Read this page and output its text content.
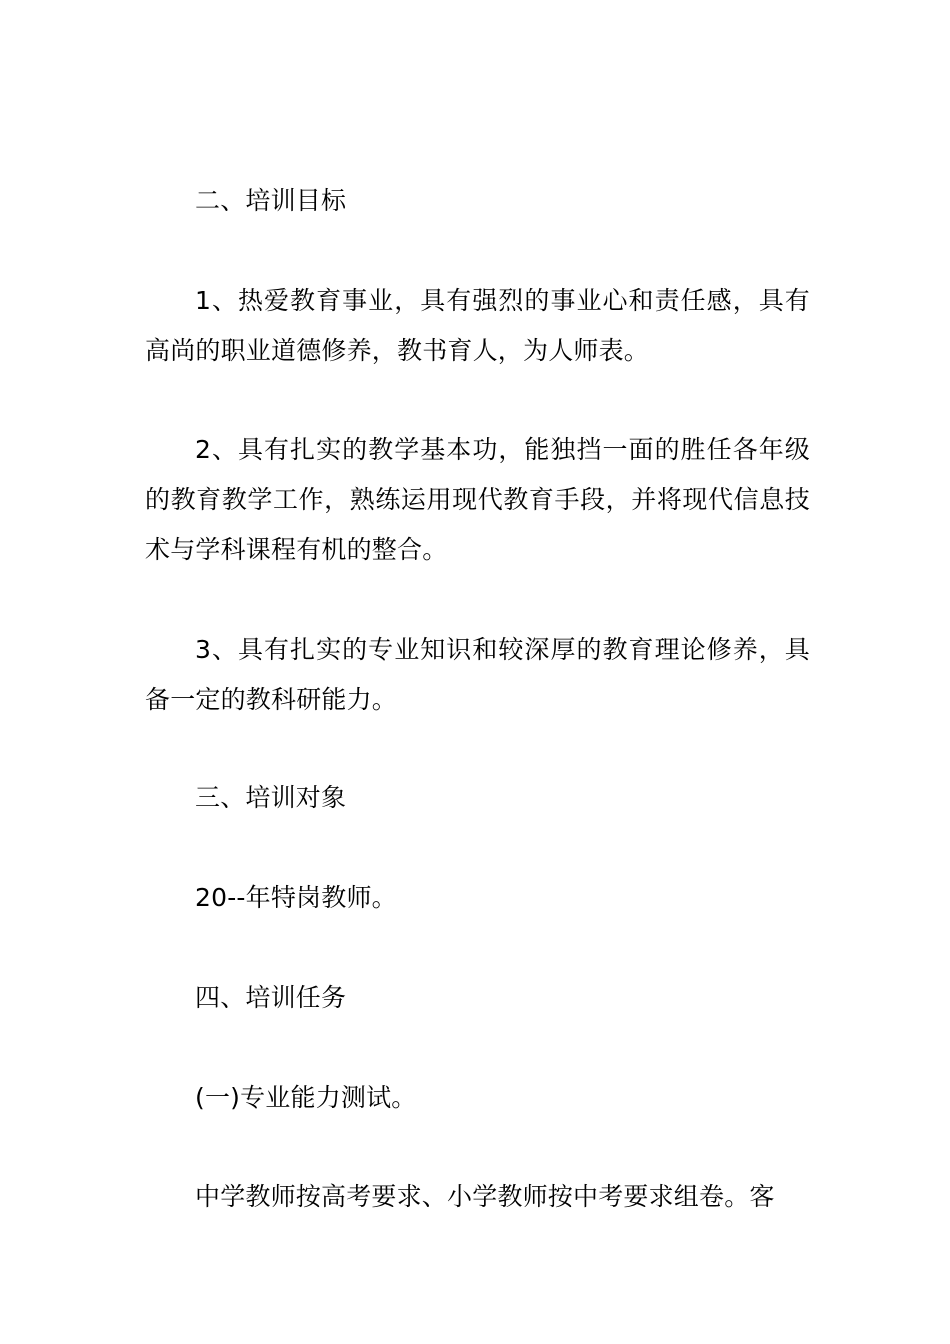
二、培训目标

1、热爱教育事业，具有强烈的事业心和责任感，具有高尚的职业道德修养，教书育人，为人师表。

2、具有扎实的教学基本功，能独挡一面的胜任各年级的教育教学工作，熟练运用现代教育手段，并将现代信息技术与学科课程有机的整合。

3、具有扎实的专业知识和较深厚的教育理论修养，具备一定的教科研能力。

三、培训对象

20--年特岗教师。

四、培训任务

(一)专业能力测试。

中学教师按高考要求、小学教师按中考要求组卷。客
